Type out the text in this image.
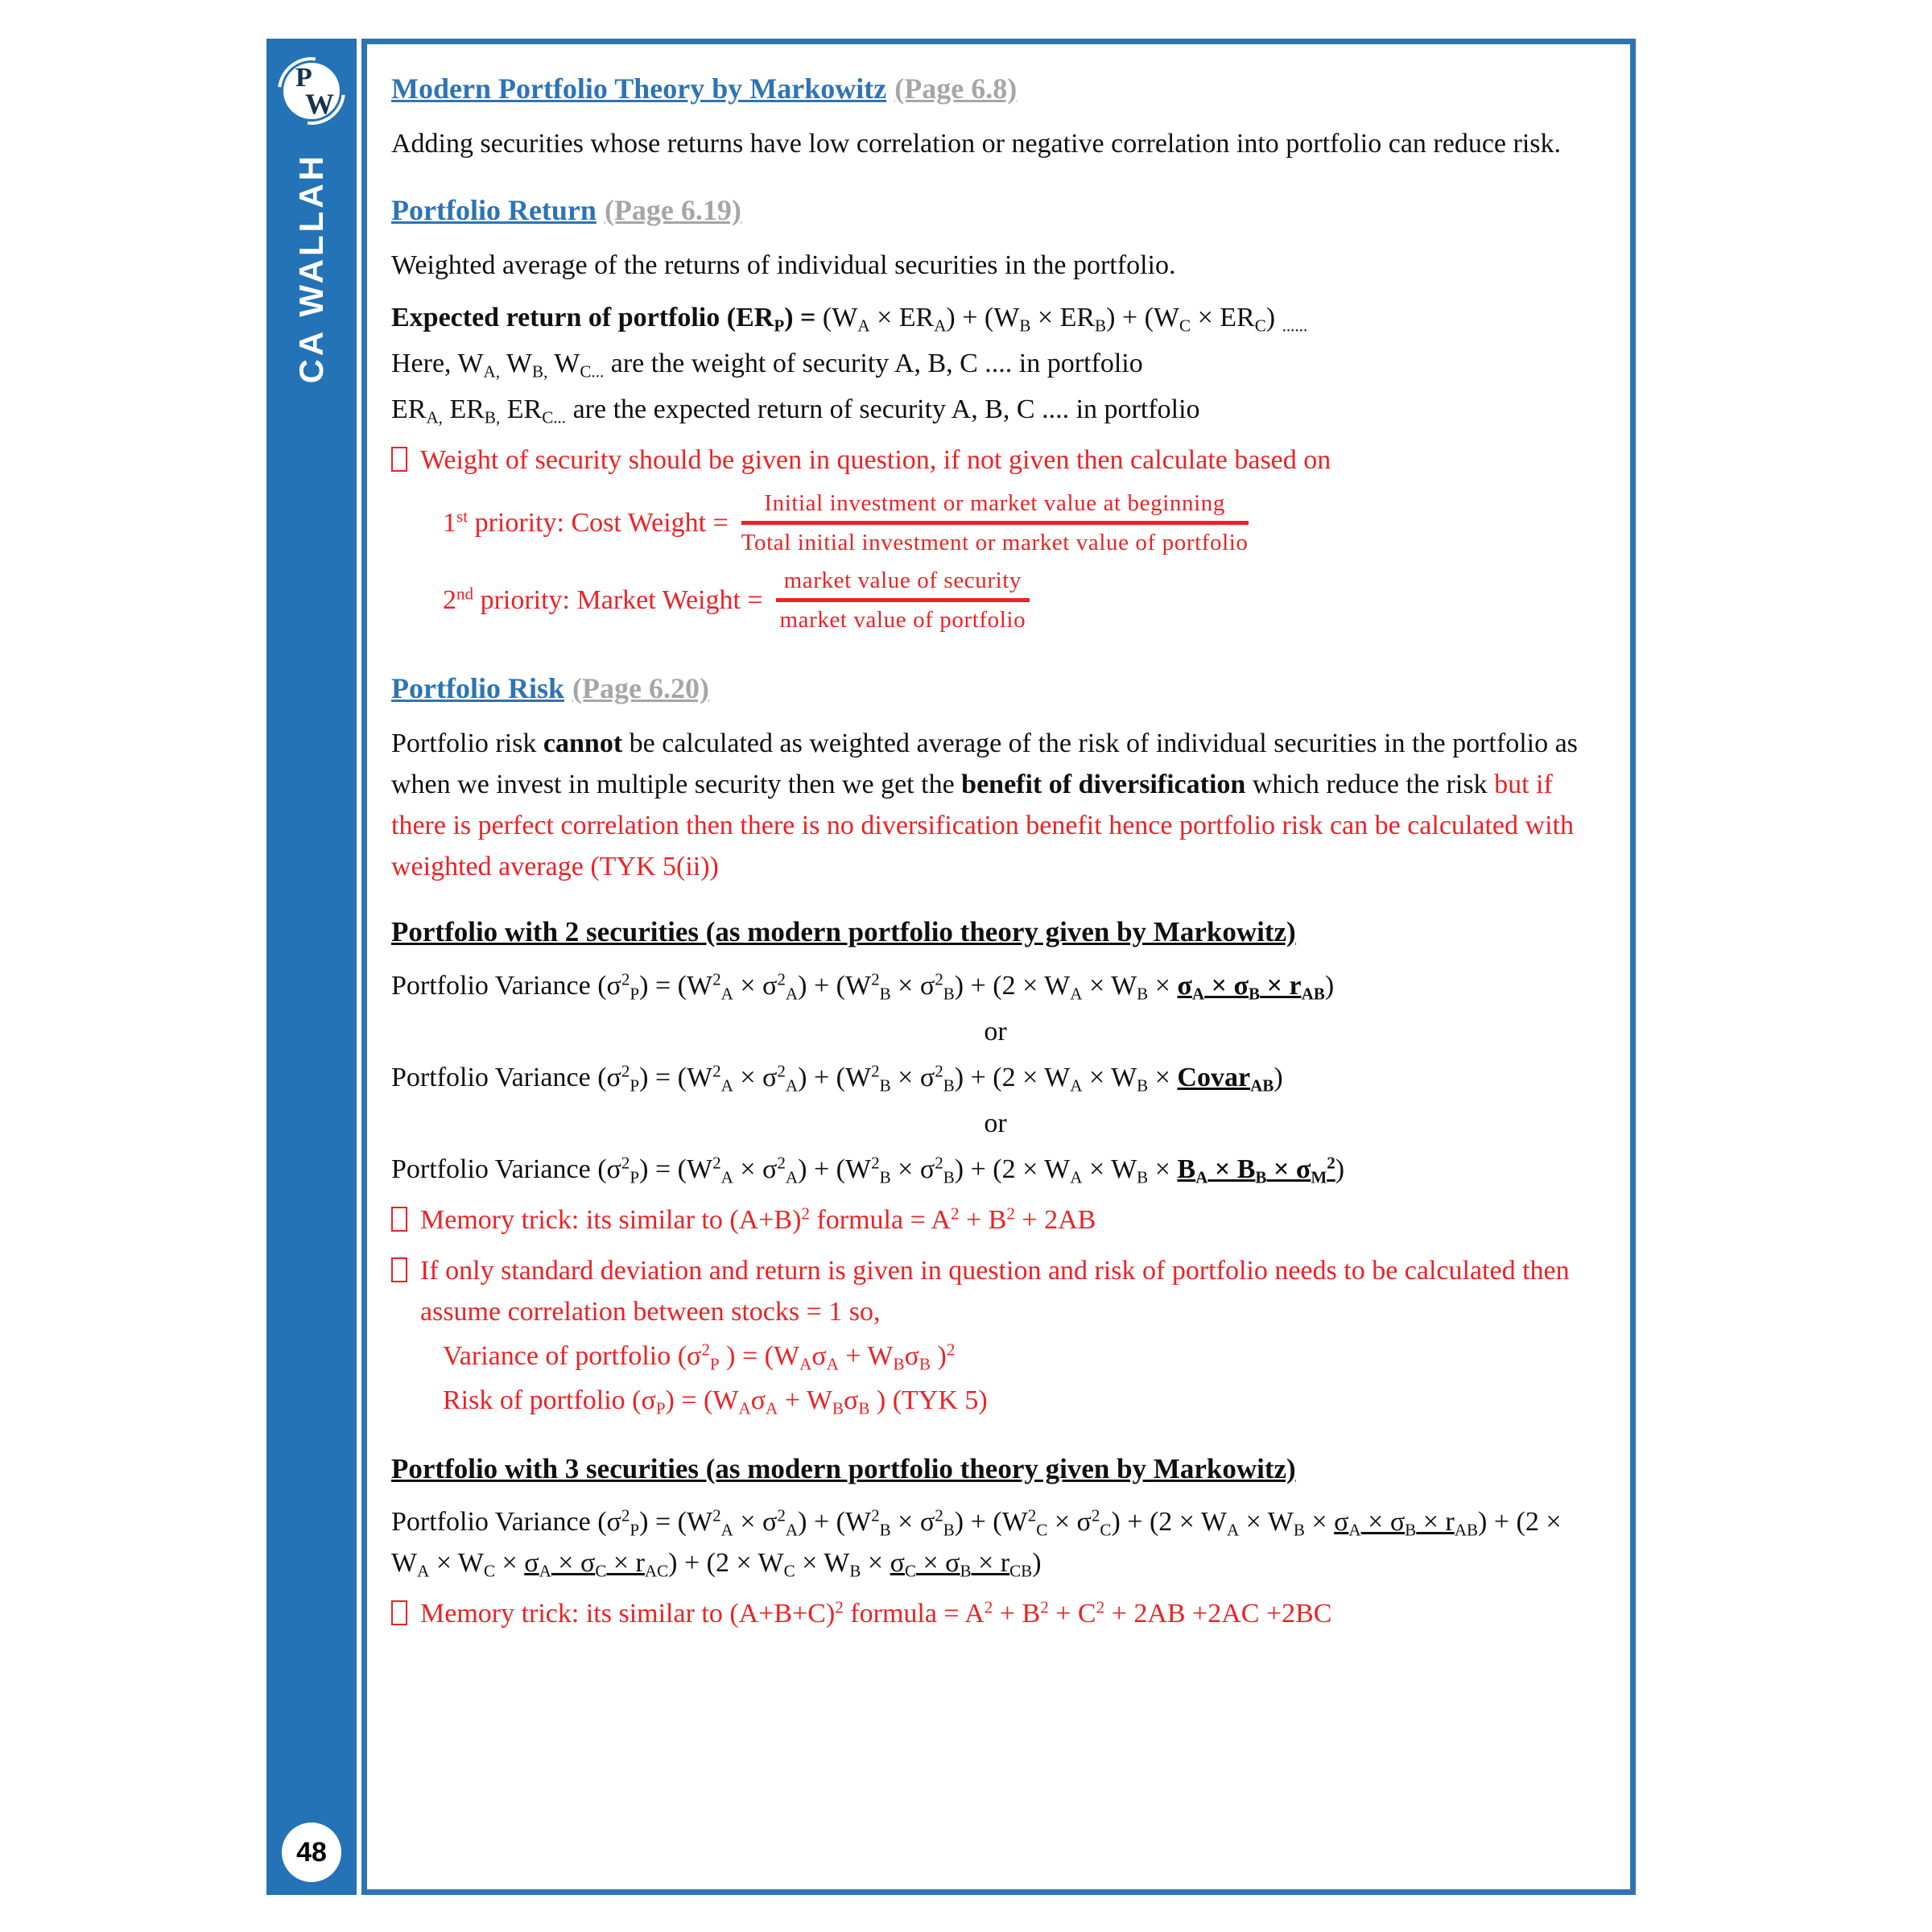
P
W
CA WALLAH
48
Modern Portfolio Theory by Markowitz (Page 6.8)
Adding securities whose returns have low correlation or negative correlation into portfolio can reduce risk.
Portfolio Return (Page 6.19)
Weighted average of the returns of individual securities in the portfolio.
Expected return of portfolio $(ER_P) = (W_A \times ER_A) + (W_B \times ER_B) + (W_C \times ER_C)$ $_{......}$
Here, $W_{A,}$ $W_{B,}$ $W_{C...}$ are the weight of security A, B, C .... in portfolio
$ER_{A,}$ $ER_{B,}$ $ER_{C...}$ are the expected return of security A, B, C .... in portfolio
Weight of security should be given in question, if not given then calculate based on
1st priority: Cost Weight = $\frac{\text{Initial investment or market value at beginning}}{\text{Total initial investment or market value of portfolio}}$
2nd priority: Market Weight = $\frac{\text{market value of security}}{\text{market value of portfolio}}$
Portfolio Risk (Page 6.20)
Portfolio risk cannot be calculated as weighted average of the risk of individual securities in the portfolio as when we invest in multiple security then we get the benefit of diversification which reduce the risk but if there is perfect correlation then there is no diversification benefit hence portfolio risk can be calculated with weighted average (TYK 5(ii))
Portfolio with 2 securities (as modern portfolio theory given by Markowitz)
Portfolio Variance $(\sigma^2_P) = (W^2_A \times \sigma^2_A) + (W^2_B \times \sigma^2_B) + (2 \times W_A \times W_B \times \sigma_A \times \sigma_B \times r_{AB})$
or
Portfolio Variance $(\sigma^2_P) = (W^2_A \times \sigma^2_A) + (W^2_B \times \sigma^2_B) + (2 \times W_A \times W_B$ × Covar$_{AB}$)
or
Portfolio Variance $(\sigma^2_P) = (W^2_A \times \sigma^2_A) + (W^2_B \times \sigma^2_B) + (2 \times W_A \times W_B \times B_A \times B_B \times \sigma_M^2)$
Memory trick: its similar to $(A+B)^2$ formula = $A^2 + B^2 + 2AB$
If only standard deviation and return is given in question and risk of portfolio needs to be calculated then assume correlation between stocks = 1 so,
Variance of portfolio ($\sigma^2_P$ ) = ($W_A\sigma_A + W_B\sigma_B$ )$^2$
Risk of portfolio $(\sigma_P) = (W_A\sigma_A + W_B\sigma_B$ ) (TYK 5)
Portfolio with 3 securities (as modern portfolio theory given by Markowitz)
Portfolio Variance $(\sigma^2_P) = (W^2_A \times \sigma^2_A) + (W^2_B \times \sigma^2_B) + (W^2_C \times \sigma^2_C) + (2 \times W_A \times W_B \times \sigma_A \times \sigma_B \times r_{AB}) + (2 \times W_A \times W_C \times \sigma_A \times \sigma_C \times r_{AC}) + (2 \times W_C \times W_B \times \sigma_C \times \sigma_B \times r_{CB})$
Memory trick: its similar to $(A+B+C)^2$ formula = $A^2 + B^2 + C^2 + 2AB +2AC +2BC$
